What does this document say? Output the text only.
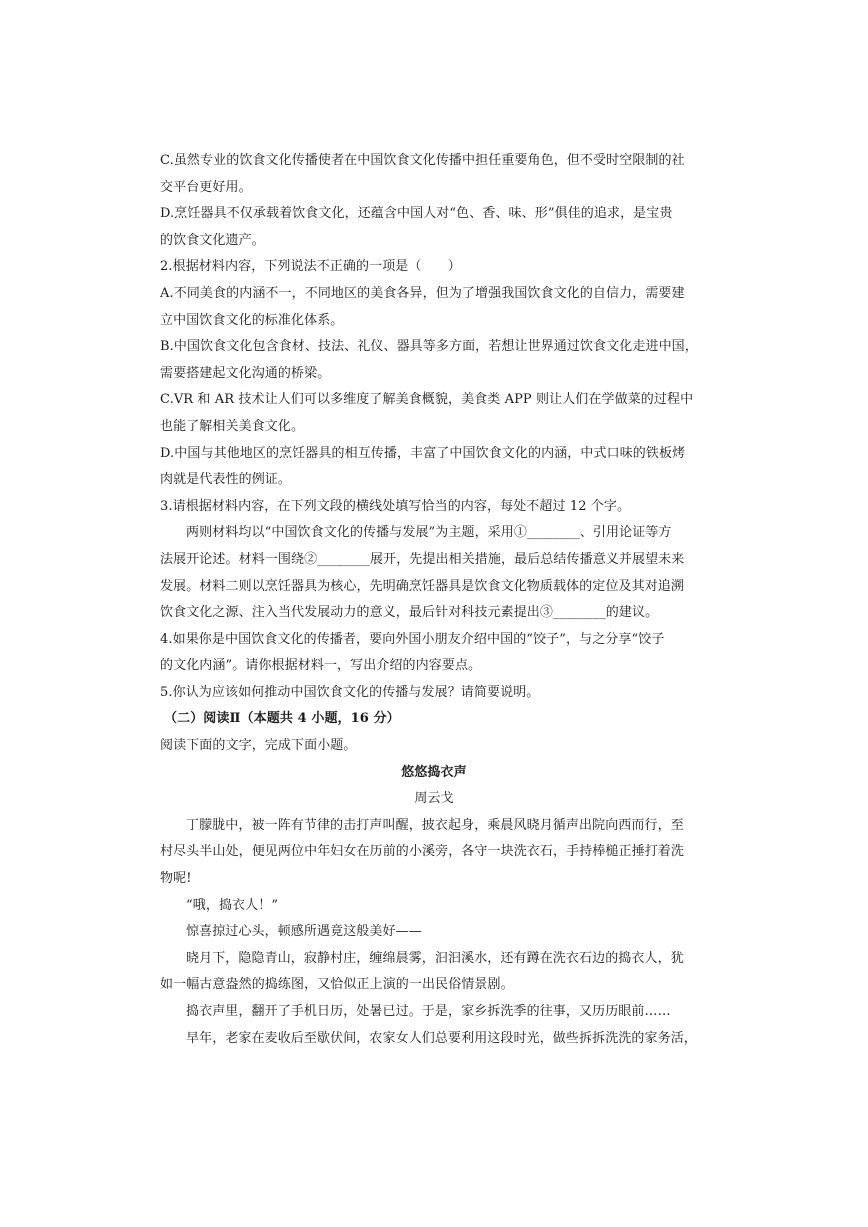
C.虽然专业的饮食文化传播使者在中国饮食文化传播中担任重要角色，但不受时空限制的社
交平台更好用。
D.烹饪器具不仅承载着饮食文化，还蕴含中国人对“色、香、味、形”俱佳的追求，是宝贵
的饮食文化遗产。
2.根据材料内容，下列说法不正确的一项是（　　）
A.不同美食的内涵不一，不同地区的美食各异，但为了增强我国饮食文化的自信力，需要建
立中国饮食文化的标准化体系。
B.中国饮食文化包含食材、技法、礼仪、器具等多方面，若想让世界通过饮食文化走进中国，
需要搭建起文化沟通的桥梁。
C.VR 和 AR 技术让人们可以多维度了解美食概貌，美食类 APP 则让人们在学做菜的过程中
也能了解相关美食文化。
D.中国与其他地区的烹饪器具的相互传播，丰富了中国饮食文化的内涵，中式口味的铁板烤
肉就是代表性的例证。
3.请根据材料内容，在下列文段的横线处填写恰当的内容，每处不超过 12 个字。
两则材料均以“中国饮食文化的传播与发展”为主题，采用①________、引用论证等方
法展开论述。材料一围绕②________展开，先提出相关措施，最后总结传播意义并展望未来
发展。材料二则以烹饪器具为核心，先明确烹饪器具是饮食文化物质载体的定位及其对追溯
饮食文化之源、注入当代发展动力的意义，最后针对科技元素提出③________的建议。
4.如果你是中国饮食文化的传播者，要向外国小朋友介绍中国的“饺子”，与之分享“饺子
的文化内涵”。请你根据材料一，写出介绍的内容要点。
5.你认为应该如何推动中国饮食文化的传播与发展？请简要说明。
（二）阅读Ⅱ（本题共 4 小题，16 分）
阅读下面的文字，完成下面小题。
悠悠捣衣声
周云戈
丁朦胧中，被一阵有节律的击打声叫醒，披衣起身，乘晨风晓月循声出院向西而行，至
村尽头半山处，便见两位中年妇女在历前的小溪旁，各守一块洗衣石，手持棒槌正捶打着洗
物呢!
“哦，捣衣人！”
惊喜掠过心头，顿感所遇竟这般美好——
晓月下，隐隐青山，寂静村庄，缠绵晨雾，汩汩溪水，还有蹲在洗衣石边的捣衣人，犹
如一幅古意盎然的捣练图，又恰似正上演的一出民俗情景剧。
捣衣声里，翻开了手机日历，处暑已过。于是，家乡拆洗季的往事，又历历眼前……
早年，老家在麦收后至歇伏间，农家女人们总要利用这段时光，做些拆拆洗洗的家务活，
